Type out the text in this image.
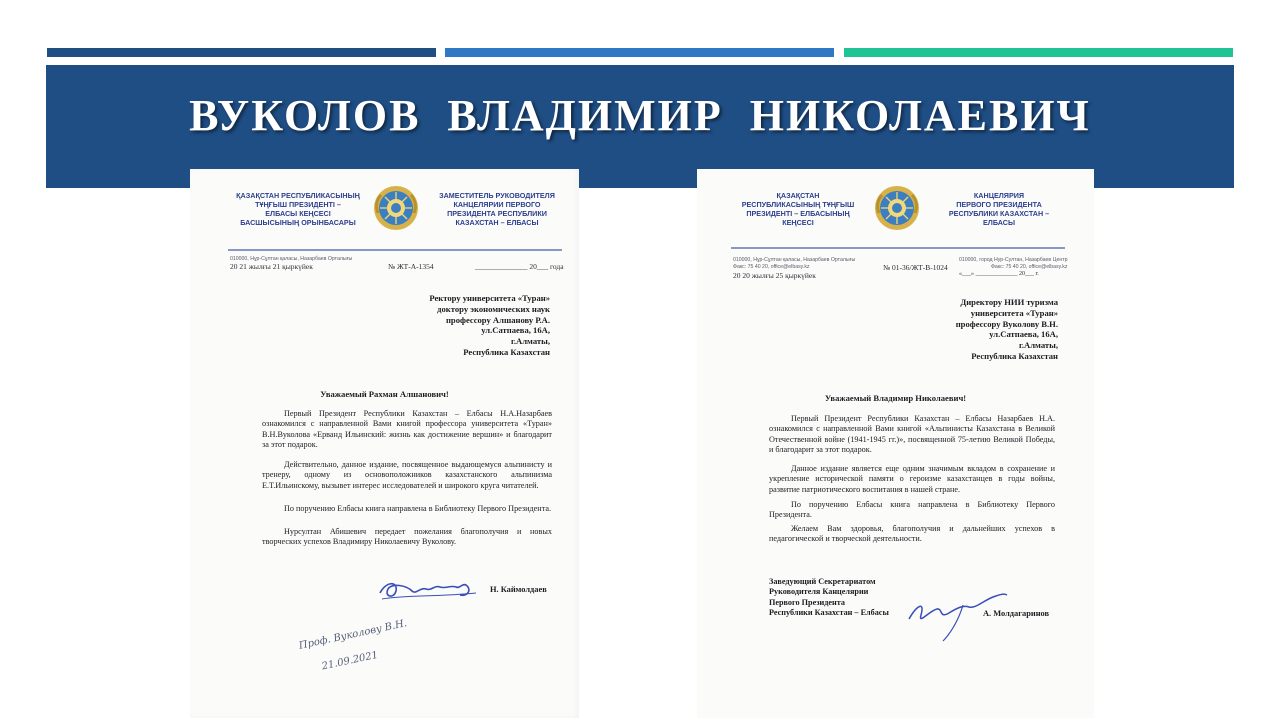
ВУКОЛОВ ВЛАДИМИР НИКОЛАЕВИЧ
ҚАЗАҚСТАН РЕСПУБЛИКАСЫНЫҢ
ТҰҢҒЫШ ПРЕЗИДЕНТІ –
ЕЛБАСЫ КЕҢСЕСІ
БАСШЫСЫНЫҢ ОРЫНБАСАРЫ
ЗАМЕСТИТЕЛЬ РУКОВОДИТЕЛЯ
КАНЦЕЛЯРИИ ПЕРВОГО
ПРЕЗИДЕНТА РЕСПУБЛИКИ
КАЗАХСТАН – ЕЛБАСЫ
010000, Нұр-Сұлтан қаласы, Назарбаев Орталығы
20 21 жылғы 21 қыркүйек	№ ЖТ-А-1354	______________ 20___ года
Ректору университета «Туран»
доктору экономических наук
профессору Алшанову Р.А.
ул.Сатпаева, 16А,
г.Алматы,
Республика Казахстан
Уважаемый Рахман Алшанович!
Первый Президент Республики Казахстан – Елбасы Н.А.Назарбаев ознакомился с направленной Вами книгой профессора университета «Туран» В.Н.Вуколова «Ерванд Ильинский: жизнь как достижение вершин» и благодарит за этот подарок.
Действительно, данное издание, посвященное выдающемуся альпинисту и тренеру, одному из основоположников казахстанского альпинизма Е.Т.Ильинскому, вызывет интерес исследователей и широкого круга читателей.
По поручению Елбасы книга направлена в Библиотеку Первого Президента.
Нурсултан Абишевич передает пожелания благополучия и новых творческих успехов Владимиру Николаевичу Вуколову.
Н. Каймолдаев
Проф. Вуколову В.Н.
21.09.2021
ҚАЗАҚСТАН
РЕСПУБЛИКАСЫНЫҢ ТҰҢҒЫШ
ПРЕЗИДЕНТІ – ЕЛБАСЫНЫҢ
КЕҢСЕСІ
КАНЦЕЛЯРИЯ
ПЕРВОГО ПРЕЗИДЕНТА
РЕСПУБЛИКИ КАЗАХСТАН –
ЕЛБАСЫ
010000, Нұр-Сұлтан қаласы, Назарбаев Орталығы
Факс: 75 40 20, office@elbasy.kz	№ 01-36/ЖТ-В-1024
010000, город Нур-Султан, Назарбаев Центр
Факс: 75 40 20, office@elbasy.kz
«___» ______________ 20___ г.
20 20 жылғы 25 қыркүйек
Директору НИИ туризма
университета «Туран»
профессору Вуколову В.Н.
ул.Сатпаева, 16А,
г.Алматы,
Республика Казахстан
Уважаемый Владимир Николаевич!
Первый Президент Республики Казахстан – Елбасы Назарбаев Н.А. ознакомился с направленной Вами книгой «Альпинисты Казахстана в Великой Отечественной войне (1941-1945 гг.)», посвященной 75-летию Великой Победы, и благодарит за этот подарок.
Данное издание является еще одним значимым вкладом в сохранение и укрепление исторической памяти о героизме казахстанцев в годы войны, развитие патриотического воспитания в нашей стране.
По поручению Елбасы книга направлена в Библиотеку Первого Президента.
Желаем Вам здоровья, благополучия и дальнейших успехов в педагогической и творческой деятельности.
Заведующий Секретариатом
Руководителя Канцелярии
Первого Президента
Республики Казахстан – Елбасы	А. Молдагаринов
